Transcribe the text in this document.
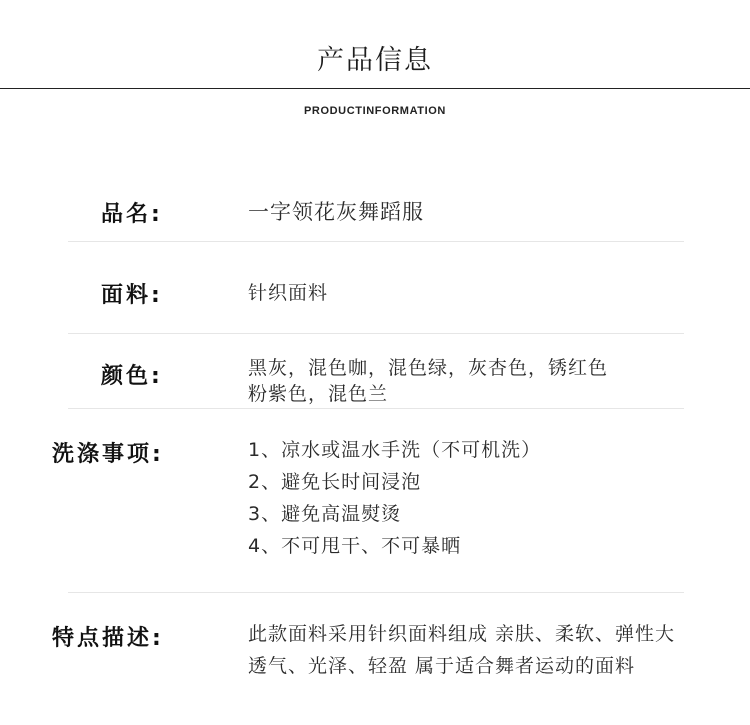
产品信息
PRODUCTINFORMATION
品名:	一字领花灰舞蹈服
面料:	针织面料
颜色:	黑灰，混色咖，混色绿，灰杏色，锈红色
粉紫色，混色兰
洗涤事项:	1、凉水或温水手洗（不可机洗）
2、避免长时间浸泡
3、避免高温熨烫
4、不可甩干、不可暴晒
特点描述:	此款面料采用针织面料组成 亲肤、柔软、弹性大
透气、光泽、轻盈 属于适合舞者运动的面料
